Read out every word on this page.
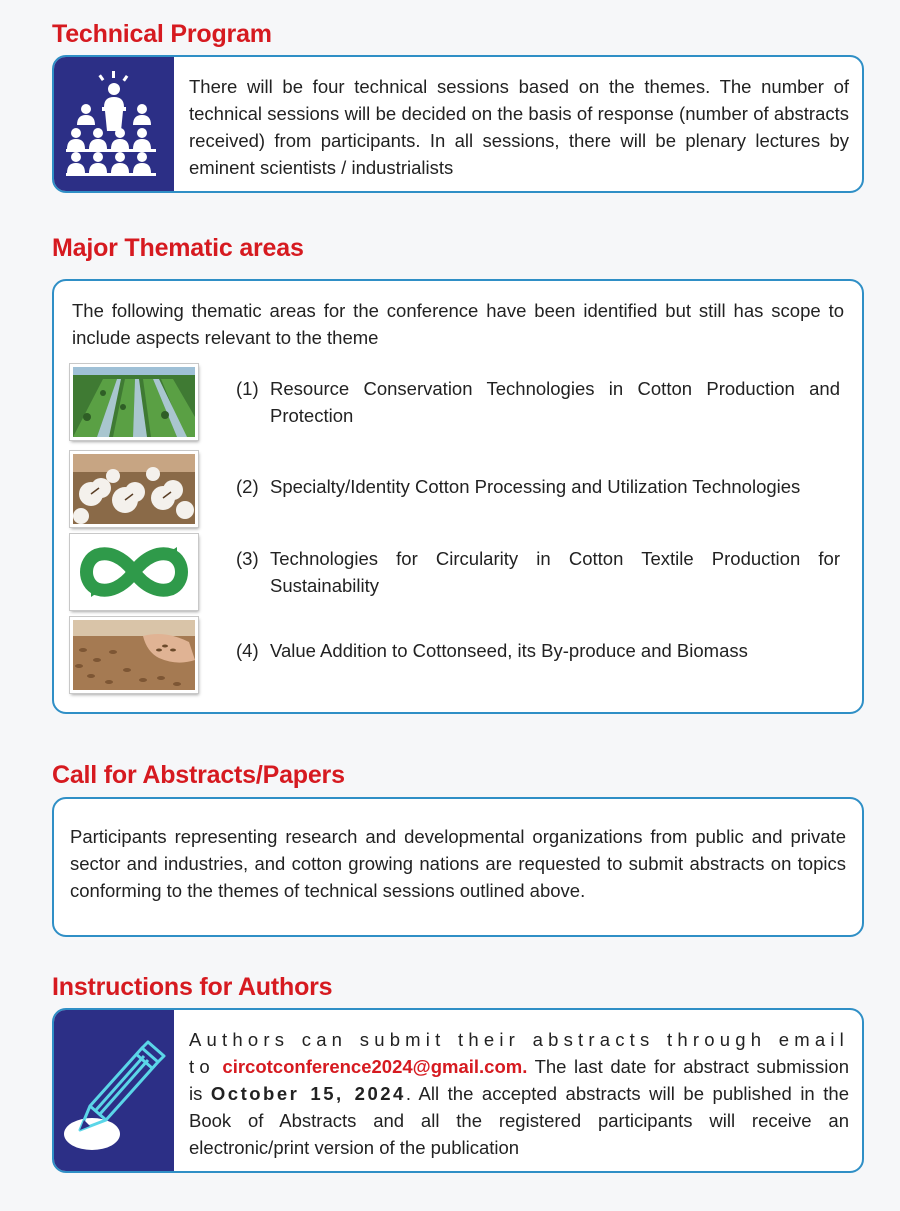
Technical Program
There will be four technical sessions based on the themes. The number of technical sessions will be decided on the basis of response (number of abstracts received) from participants. In all sessions, there will be plenary lectures by eminent scientists / industrialists
Major Thematic areas
The following thematic areas for the conference have been identified but still has scope to include aspects relevant to the theme
(1) Resource Conservation Technologies in Cotton Production and Protection
(2) Specialty/Identity Cotton Processing and Utilization Technologies
(3) Technologies for Circularity in Cotton Textile Production for Sustainability
(4) Value Addition to Cottonseed, its By-produce and Biomass
Call for Abstracts/Papers
Participants representing research and developmental organizations from public and private sector and industries, and cotton growing nations are requested to submit abstracts on topics conforming to the themes of technical sessions outlined above.
Instructions for Authors
Authors can submit their abstracts through email to circotconference2024@gmail.com. The last date for abstract submission is October 15, 2024. All the accepted abstracts will be published in the Book of Abstracts and all the registered participants will receive an electronic/print version of the publication
